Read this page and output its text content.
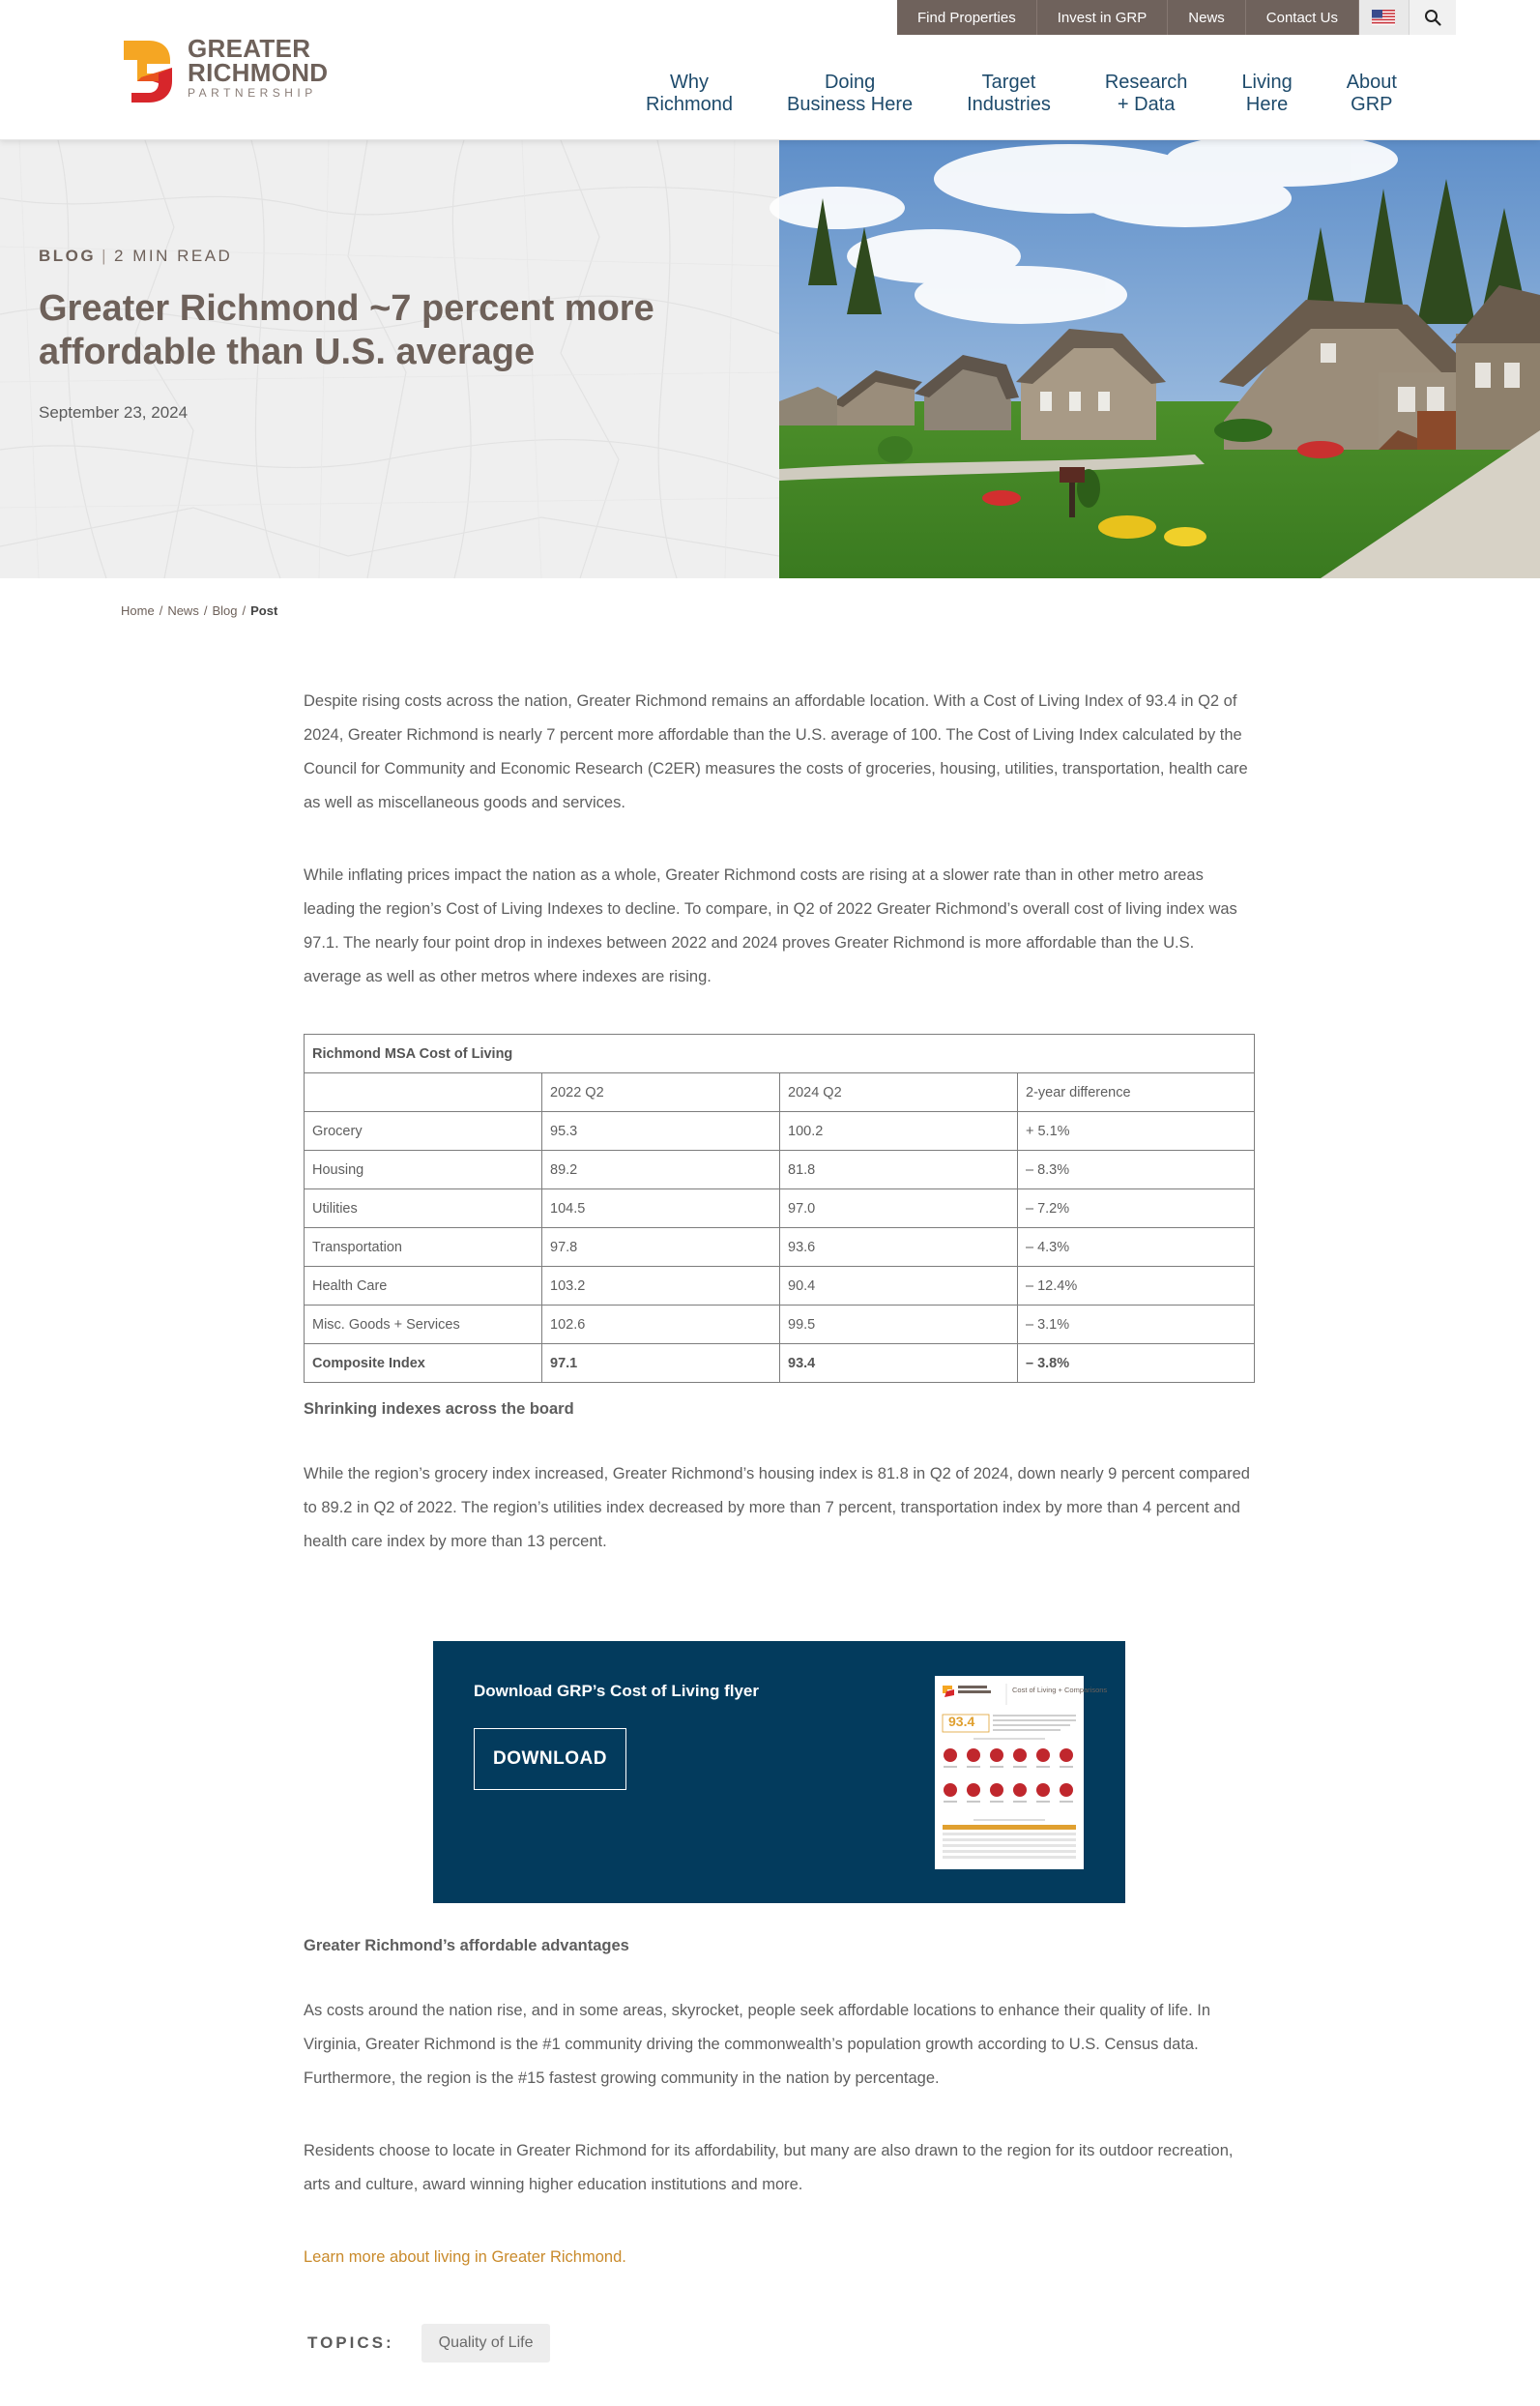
GREATER
RICHMOND
PARTNERSHIP	Why
Richmond
Doing
Business Here
Target
Industries
Research
+ Data
Living
Here
About
GRP
Find Properties	Invest in GRP	News	Contact Us
BLOG | 2 MIN READ
Greater Richmond ~7 percent more affordable than U.S. average
September 23, 2024
Home / News / Blog / Post

Despite rising costs across the nation, Greater Richmond remains an affordable location. With a Cost of Living Index of 93.4 in Q2 of 2024, Greater Richmond is nearly 7 percent more affordable than the U.S. average of 100. The Cost of Living Index calculated by the Council for Community and Economic Research (C2ER) measures the costs of groceries, housing, utilities, transportation, health care as well as miscellaneous goods and services.

While inflating prices impact the nation as a whole, Greater Richmond costs are rising at a slower rate than in other metro areas leading the region’s Cost of Living Indexes to decline. To compare, in Q2 of 2022 Greater Richmond’s overall cost of living index was 97.1. The nearly four point drop in indexes between 2022 and 2024 proves Greater Richmond is more affordable than the U.S. average as well as other metros where indexes are rising.

Richmond MSA Cost of Living			
	2022 Q2	2024 Q2	2-year difference
Grocery	95.3	100.2	+ 5.1%
Housing	89.2	81.8	– 8.3%
Utilities	104.5	97.0	– 7.2%
Transportation	97.8	93.6	– 4.3%
Health Care	103.2	90.4	– 12.4%
Misc. Goods + Services	102.6	99.5	– 3.1%
Composite Index	97.1	93.4	– 3.8%
Shrinking indexes across the board

While the region’s grocery index increased, Greater Richmond’s housing index is 81.8 in Q2 of 2024, down nearly 9 percent compared to 89.2 in Q2 of 2022. The region’s utilities index decreased by more than 7 percent, transportation index by more than 4 percent and health care index by more than 13 percent.

Download GRP’s Cost of Living flyer
DOWNLOAD
Cost of Living + Comparisons
93.4
Greater Richmond’s affordable advantages

As costs around the nation rise, and in some areas, skyrocket, people seek affordable locations to enhance their quality of life. In Virginia, Greater Richmond is the #1 community driving the commonwealth’s population growth according to U.S. Census data. Furthermore, the region is the #15 fastest growing community in the nation by percentage.

Residents choose to locate in Greater Richmond for its affordability, but many are also drawn to the region for its outdoor recreation, arts and culture, award winning higher education institutions and more.

Learn more about living in Greater Richmond.

TOPICS:	Quality of Life
